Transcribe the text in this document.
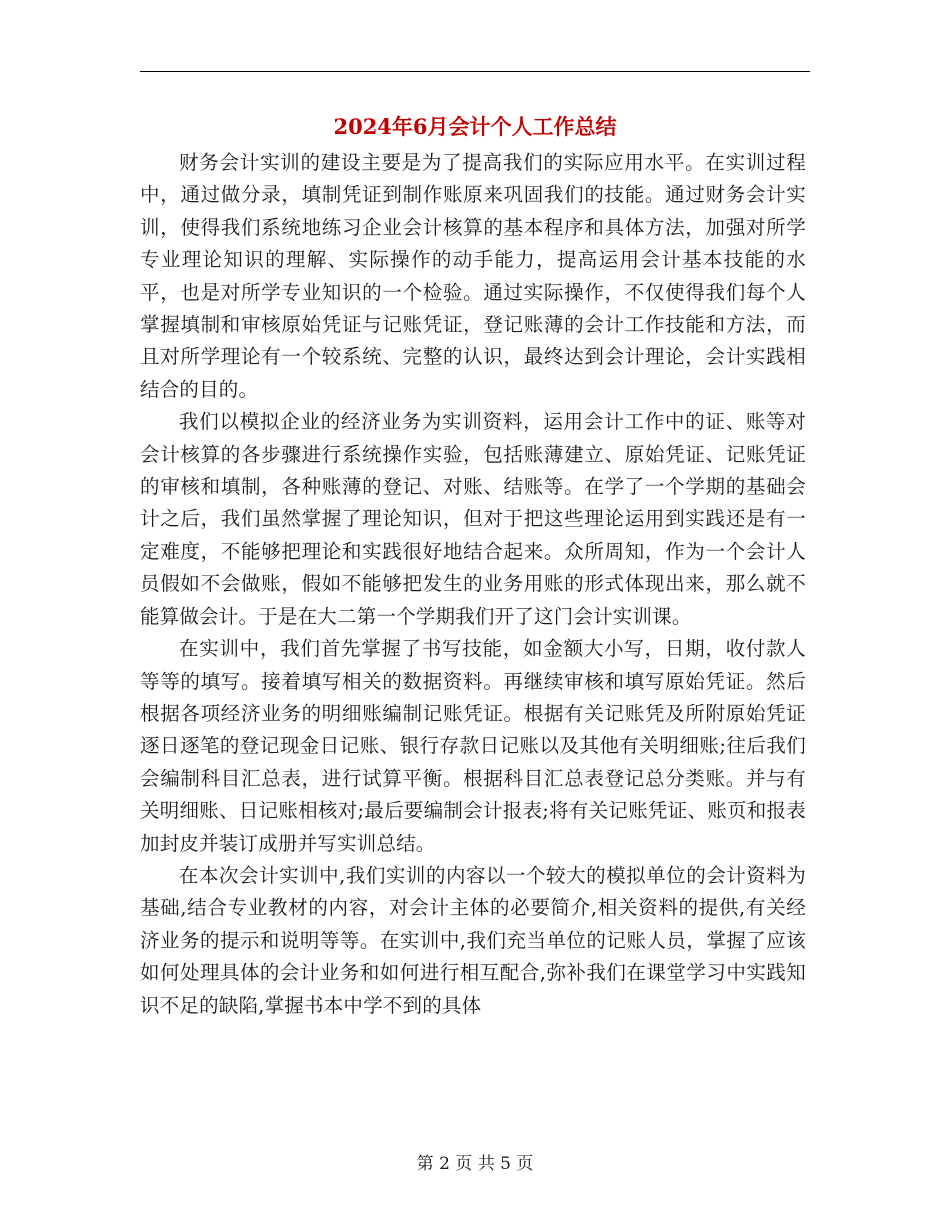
2024年6月会计个人工作总结

财务会计实训的建设主要是为了提高我们的实际应用水平。在实训过程中，通过做分录，填制凭证到制作账原来巩固我们的技能。通过财务会计实训，使得我们系统地练习企业会计核算的基本程序和具体方法，加强对所学专业理论知识的理解、实际操作的动手能力，提高运用会计基本技能的水平，也是对所学专业知识的一个检验。通过实际操作，不仅使得我们每个人掌握填制和审核原始凭证与记账凭证，登记账薄的会计工作技能和方法，而且对所学理论有一个较系统、完整的认识，最终达到会计理论，会计实践相结合的目的。

我们以模拟企业的经济业务为实训资料，运用会计工作中的证、账等对会计核算的各步骤进行系统操作实验，包括账薄建立、原始凭证、记账凭证的审核和填制，各种账薄的登记、对账、结账等。在学了一个学期的基础会计之后，我们虽然掌握了理论知识，但对于把这些理论运用到实践还是有一定难度，不能够把理论和实践很好地结合起来。众所周知，作为一个会计人员假如不会做账，假如不能够把发生的业务用账的形式体现出来，那么就不能算做会计。于是在大二第一个学期我们开了这门会计实训课。

在实训中，我们首先掌握了书写技能，如金额大小写，日期，收付款人等等的填写。接着填写相关的数据资料。再继续审核和填写原始凭证。然后根据各项经济业务的明细账编制记账凭证。根据有关记账凭及所附原始凭证逐日逐笔的登记现金日记账、银行存款日记账以及其他有关明细账;往后我们会编制科目汇总表，进行试算平衡。根据科目汇总表登记总分类账。并与有关明细账、日记账相核对;最后要编制会计报表;将有关记账凭证、账页和报表加封皮并装订成册并写实训总结。

在本次会计实训中,我们实训的内容以一个较大的模拟单位的会计资料为基础,结合专业教材的内容，对会计主体的必要简介,相关资料的提供,有关经济业务的提示和说明等等。在实训中,我们充当单位的记账人员，掌握了应该如何处理具体的会计业务和如何进行相互配合,弥补我们在课堂学习中实践知识不足的缺陷,掌握书本中学不到的具体

第 2 页 共 5 页
